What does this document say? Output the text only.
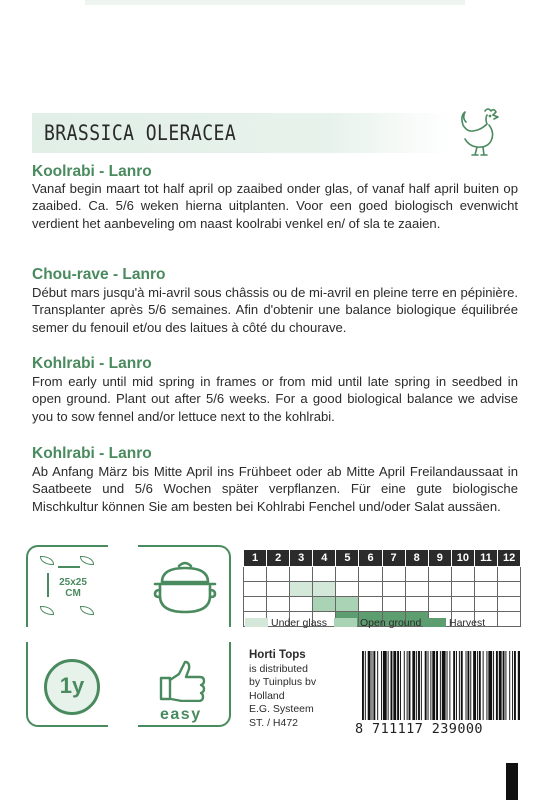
BRASSICA OLERACEA
Koolrabi - Lanro
Vanaf begin maart tot half april op zaaibed onder glas, of vanaf half april buiten op zaaibed. Ca. 5/6 weken hierna uitplanten. Voor een goed biologisch evenwicht verdient het aanbeveling om naast koolrabi venkel en/ of sla te zaaien.
Chou-rave - Lanro
Début mars jusqu'à mi-avril sous châssis ou de mi-avril en pleine terre en pépinière. Transplanter après 5/6 semaines. Afin d'obtenir une balance biologique équilibrée semer du fenouil et/ou des laitues à côté du chourave.
Kohlrabi - Lanro
From early until mid spring in frames or from mid until late spring in seedbed in open ground. Plant out after 5/6 weeks. For a good biological balance we advise you to sow fennel and/or lettuce next to the kohlrabi.
Kohlrabi - Lanro
Ab Anfang März bis Mitte April ins Frühbeet oder ab Mitte April Freilandaussaat in Saatbeete und 5/6 Wochen später verpflanzen. Für eine gute biologische Mischkultur können Sie am besten bei Kohlrabi Fenchel und/oder Salat aussäen.
25x25
CM
1y
easy
1	2	3	4	5	6	7	8	9	10	11	12

Under glass	Open ground	Harvest
Horti Tops
is distributed
by Tuinplus bv
Holland
E.G. Systeem
ST. / H472	8 711117 239000
